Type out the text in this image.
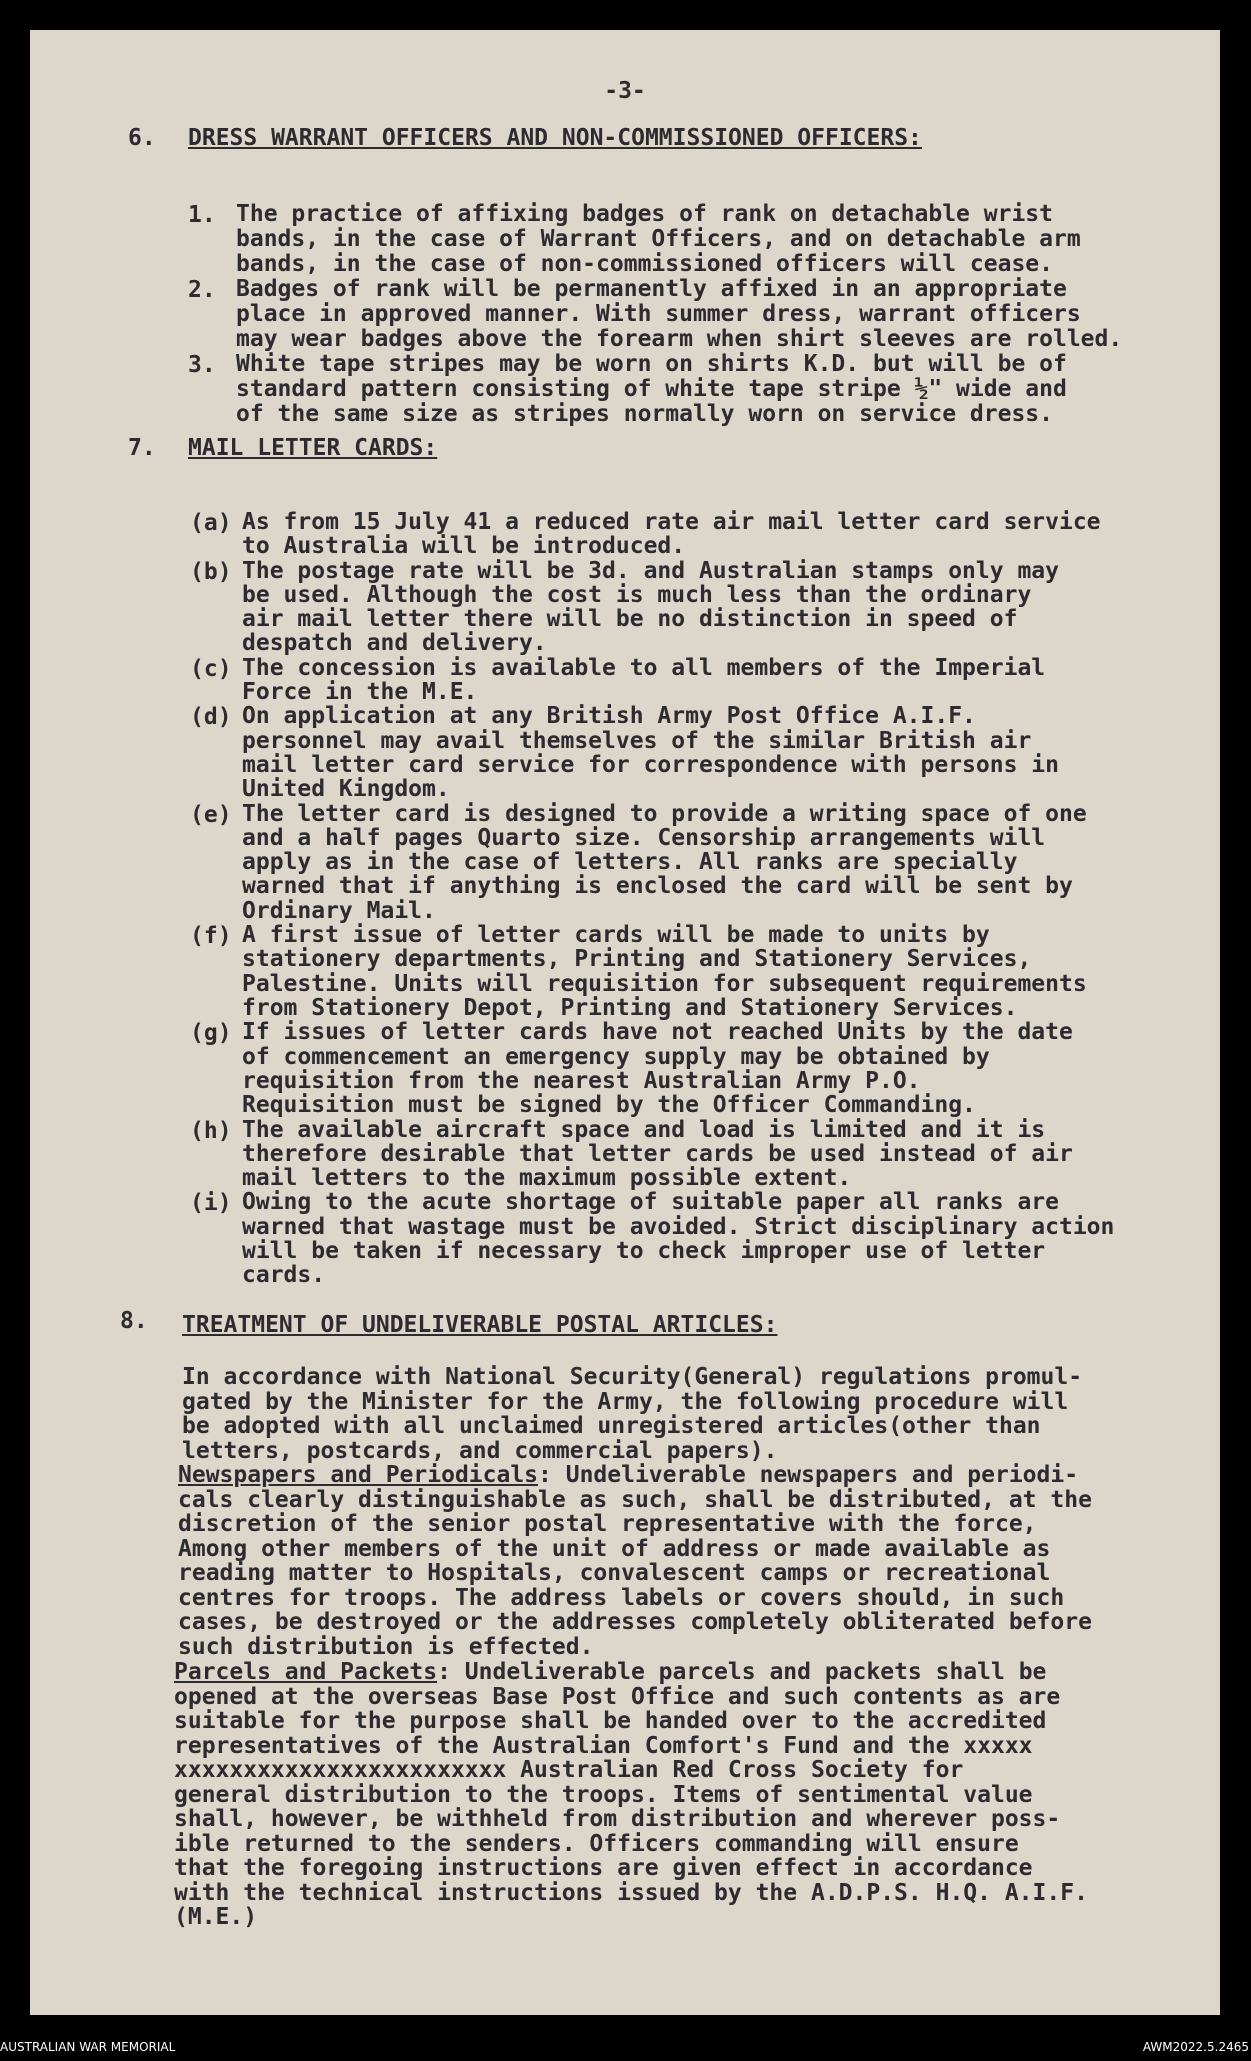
-3-
6. DRESS WARRANT OFFICERS AND NON-COMMISSIONED OFFICERS:
7. MAIL LETTER CARDS:
8. TREATMENT OF UNDELIVERABLE POSTAL ARTICLES:
In accordance with National Security(General) regulations promul-
gated by the Minister for the Army, the following procedure will
be adopted with all unclaimed unregistered articles(other than
letters, postcards, and commercial papers).
Newspapers and Periodicals: Undeliverable newspapers and periodi-
cals clearly distinguishable as such, shall be distributed, at the
discretion of the senior postal representative with the force,
Among other members of the unit of address or made available as
reading matter to Hospitals, convalescent camps or recreational
centres for troops. The address labels or covers should, in such
cases, be destroyed or the addresses completely obliterated before
such distribution is effected.
Parcels and Packets: Undeliverable parcels and packets shall be
opened at the overseas Base Post Office and such contents as are
suitable for the purpose shall be handed over to the accredited
representatives of the Australian Comfort's Fund and the xxxxx
xxxxxxxxxxxxxxxxxxxxxxxx Australian Red Cross Society for
general distribution to the troops. Items of sentimental value
shall, however, be withheld from distribution and wherever poss-
ible returned to the senders. Officers commanding will ensure
that the foregoing instructions are given effect in accordance
with the technical instructions issued by the A.D.P.S. H.Q. A.I.F.
(M.E.)
1. The practice of affixing badges of rank on detachable wrist
bands, in the case of Warrant Officers, and on detachable arm
bands, in the case of non-commissioned officers will cease.
2. Badges of rank will be permanently affixed in an appropriate
place in approved manner. With summer dress, warrant officers
may wear badges above the forearm when shirt sleeves are rolled.
3. White tape stripes may be worn on shirts K.D. but will be of
standard pattern consisting of white tape stripe ½" wide and
of the same size as stripes normally worn on service dress.
(a) As from 15 July 41 a reduced rate air mail letter card service
to Australia will be introduced.
(b) The postage rate will be 3d. and Australian stamps only may
be used. Although the cost is much less than the ordinary
air mail letter there will be no distinction in speed of
despatch and delivery.
(c) The concession is available to all members of the Imperial
Force in the M.E.
(d) On application at any British Army Post Office A.I.F.
personnel may avail themselves of the similar British air
mail letter card service for correspondence with persons in
United Kingdom.
(e) The letter card is designed to provide a writing space of one
and a half pages Quarto size. Censorship arrangements will
apply as in the case of letters. All ranks are specially
warned that if anything is enclosed the card will be sent by
Ordinary Mail.
(f) A first issue of letter cards will be made to units by
stationery departments, Printing and Stationery Services,
Palestine. Units will requisition for subsequent requirements
from Stationery Depot, Printing and Stationery Services.
(g) If issues of letter cards have not reached Units by the date
of commencement an emergency supply may be obtained by
requisition from the nearest Australian Army P.O.
Requisition must be signed by the Officer Commanding.
(h) The available aircraft space and load is limited and it is
therefore desirable that letter cards be used instead of air
mail letters to the maximum possible extent.
(i) Owing to the acute shortage of suitable paper all ranks are
warned that wastage must be avoided. Strict disciplinary action
will be taken if necessary to check improper use of letter
cards.
AUSTRALIAN WAR MEMORIAL	AWM2022.5.2465
